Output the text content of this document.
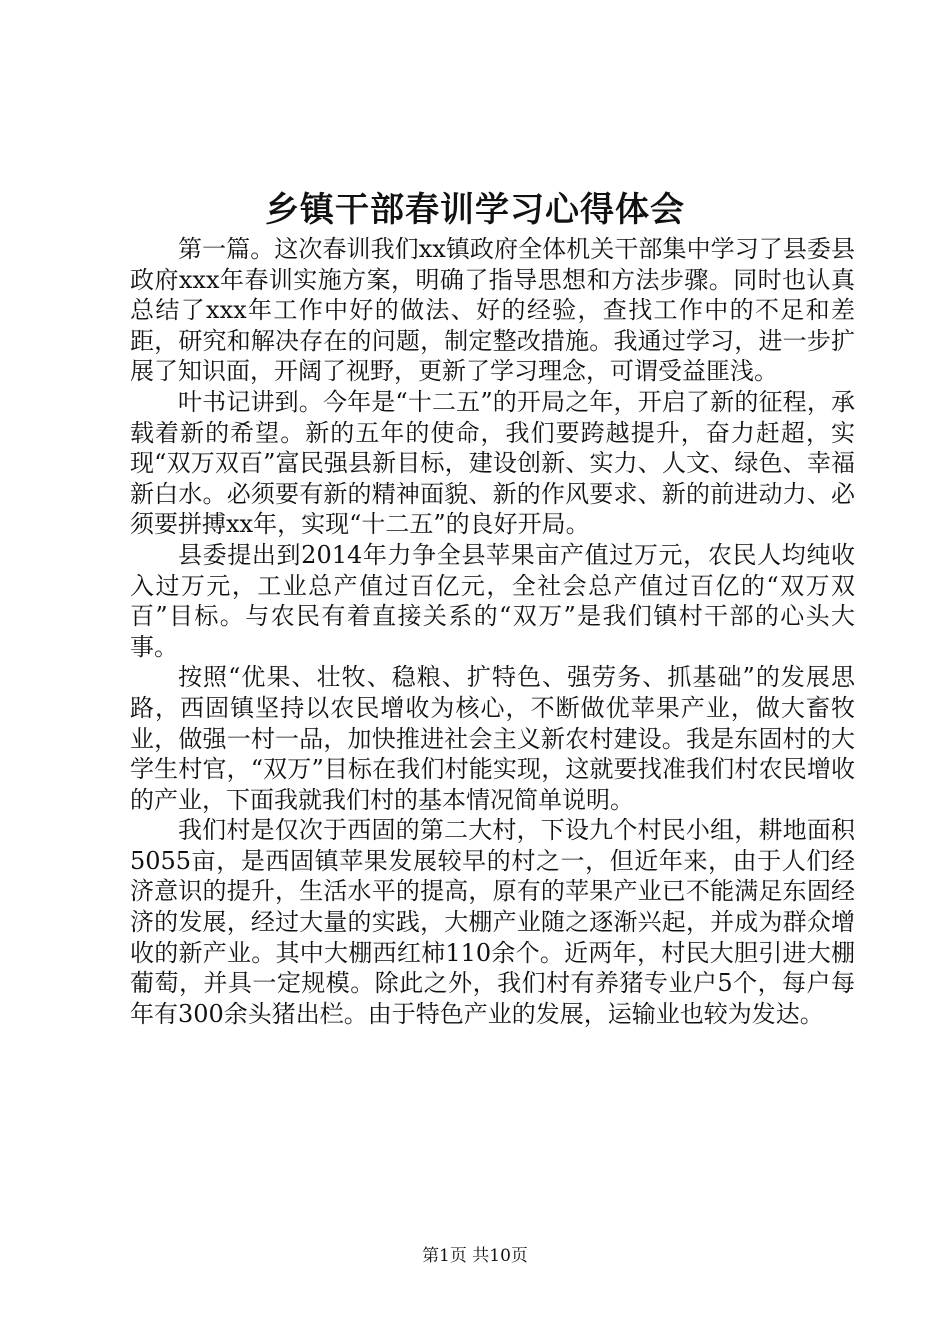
乡镇干部春训学习心得体会

第一篇。这次春训我们xx镇政府全体机关干部集中学习了县委县政府xxx年春训实施方案，明确了指导思想和方法步骤。同时也认真总结了xxx年工作中好的做法、好的经验，查找工作中的不足和差距，研究和解决存在的问题，制定整改措施。我通过学习，进一步扩展了知识面，开阔了视野，更新了学习理念，可谓受益匪浅。

叶书记讲到。今年是“十二五”的开局之年，开启了新的征程，承载着新的希望。新的五年的使命，我们要跨越提升，奋力赶超，实现“双万双百”富民强县新目标，建设创新、实力、人文、绿色、幸福新白水。必须要有新的精神面貌、新的作风要求、新的前进动力、必须要拼搏xx年，实现“十二五”的良好开局。

县委提出到2014年力争全县苹果亩产值过万元，农民人均纯收入过万元，工业总产值过百亿元，全社会总产值过百亿的“双万双百”目标。与农民有着直接关系的“双万”是我们镇村干部的心头大事。

按照“优果、壮牧、稳粮、扩特色、强劳务、抓基础”的发展思路，西固镇坚持以农民增收为核心，不断做优苹果产业，做大畜牧业，做强一村一品，加快推进社会主义新农村建设。我是东固村的大学生村官，“双万”目标在我们村能实现，这就要找准我们村农民增收的产业，下面我就我们村的基本情况简单说明。

我们村是仅次于西固的第二大村，下设九个村民小组，耕地面积5055亩，是西固镇苹果发展较早的村之一，但近年来，由于人们经济意识的提升，生活水平的提高，原有的苹果产业已不能满足东固经济的发展，经过大量的实践，大棚产业随之逐渐兴起，并成为群众增收的新产业。其中大棚西红柿110余个。近两年，村民大胆引进大棚葡萄，并具一定规模。除此之外，我们村有养猪专业户5个，每户每年有300余头猪出栏。由于特色产业的发展，运输业也较为发达。

第1页 共10页
